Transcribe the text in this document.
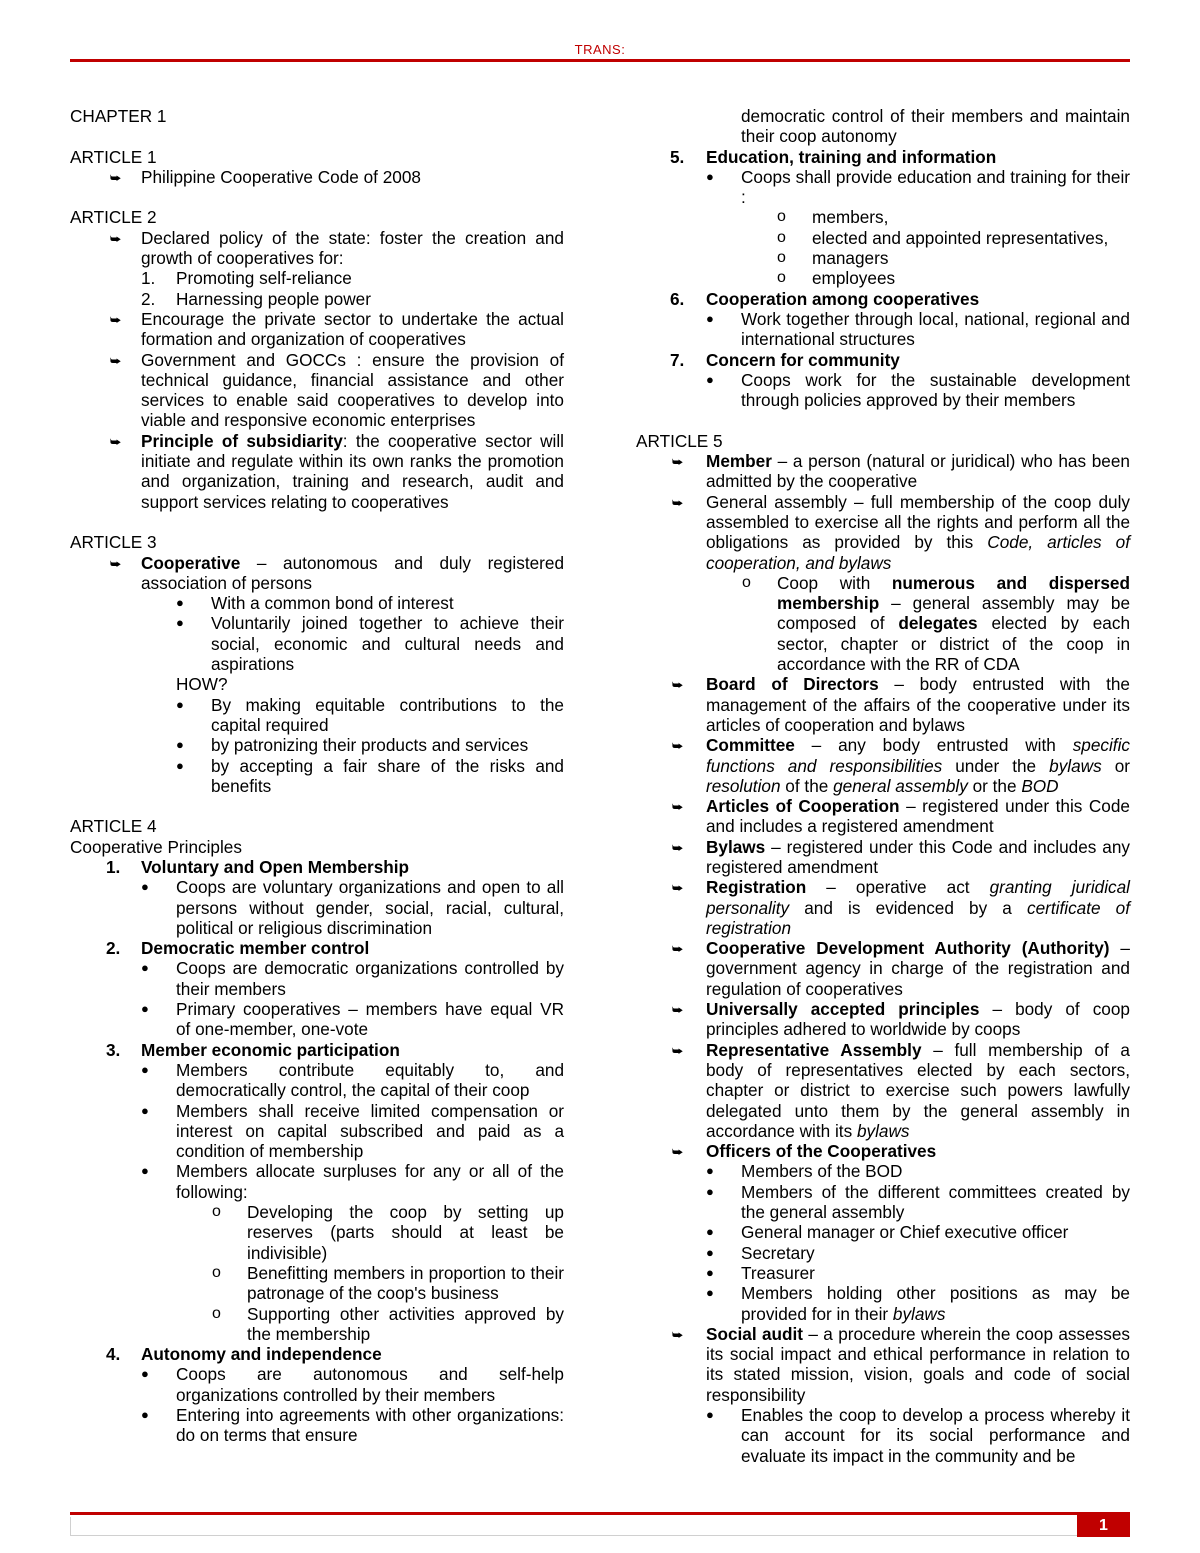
TRANS:
CHAPTER 1
ARTICLE 1
⮩ Philippine Cooperative Code of 2008
ARTICLE 2
⮩ Declared policy of the state: foster the creation and growth of cooperatives for:
1. Promoting self-reliance
2. Harnessing people power
⮩ Encourage the private sector to undertake the actual formation and organization of cooperatives
⮩ Government and GOCCs : ensure the provision of technical guidance, financial assistance and other services to enable said cooperatives to develop into viable and responsive economic enterprises
⮩ Principle of subsidiarity: the cooperative sector will initiate and regulate within its own ranks the promotion and organization, training and research, audit and support services relating to cooperatives
ARTICLE 3
⮩ Cooperative – autonomous and duly registered association of persons
● With a common bond of interest
● Voluntarily joined together to achieve their social, economic and cultural needs and aspirations
HOW?
● By making equitable contributions to the capital required
● by patronizing their products and services
● by accepting a fair share of the risks and benefits
ARTICLE 4
Cooperative Principles
1. Voluntary and Open Membership
● Coops are voluntary organizations and open to all persons without gender, social, racial, cultural, political or religious discrimination
2. Democratic member control
● Coops are democratic organizations controlled by their members
● Primary cooperatives – members have equal VR of one-member, one-vote
3. Member economic participation
● Members contribute equitably to, and democratically control, the capital of their coop
● Members shall receive limited compensation or interest on capital subscribed and paid as a condition of membership
● Members allocate surpluses for any or all of the following:
o Developing the coop by setting up reserves (parts should at least be indivisible)
o Benefitting members in proportion to their patronage of the coop's business
o Supporting other activities approved by the membership
4. Autonomy and independence
● Coops are autonomous and self-help organizations controlled by their members
● Entering into agreements with other organizations: do on terms that ensure
democratic control of their members and maintain their coop autonomy
5. Education, training and information
● Coops shall provide education and training for their :
o members,
o elected and appointed representatives,
o managers
o employees
6. Cooperation among cooperatives
● Work together through local, national, regional and international structures
7. Concern for community
● Coops work for the sustainable development through policies approved by their members
ARTICLE 5
⮩ Member – a person (natural or juridical) who has been admitted by the cooperative
⮩ General assembly – full membership of the coop duly assembled to exercise all the rights and perform all the obligations as provided by this Code, articles of cooperation, and bylaws
o Coop with numerous and dispersed membership – general assembly may be composed of delegates elected by each sector, chapter or district of the coop in accordance with the RR of CDA
⮩ Board of Directors – body entrusted with the management of the affairs of the cooperative under its articles of cooperation and bylaws
⮩ Committee – any body entrusted with specific functions and responsibilities under the bylaws or resolution of the general assembly or the BOD
⮩ Articles of Cooperation – registered under this Code and includes a registered amendment
⮩ Bylaws – registered under this Code and includes any registered amendment
⮩ Registration – operative act granting juridical personality and is evidenced by a certificate of registration
⮩ Cooperative Development Authority (Authority) – government agency in charge of the registration and regulation of cooperatives
⮩ Universally accepted principles – body of coop principles adhered to worldwide by coops
⮩ Representative Assembly – full membership of a body of representatives elected by each sectors, chapter or district to exercise such powers lawfully delegated unto them by the general assembly in accordance with its bylaws
⮩ Officers of the Cooperatives
● Members of the BOD
● Members of the different committees created by the general assembly
● General manager or Chief executive officer
● Secretary
● Treasurer
● Members holding other positions as may be provided for in their bylaws
⮩ Social audit – a procedure wherein the coop assesses its social impact and ethical performance in relation to its stated mission, vision, goals and code of social responsibility
● Enables the coop to develop a process whereby it can account for its social performance and evaluate its impact in the community and be
1
